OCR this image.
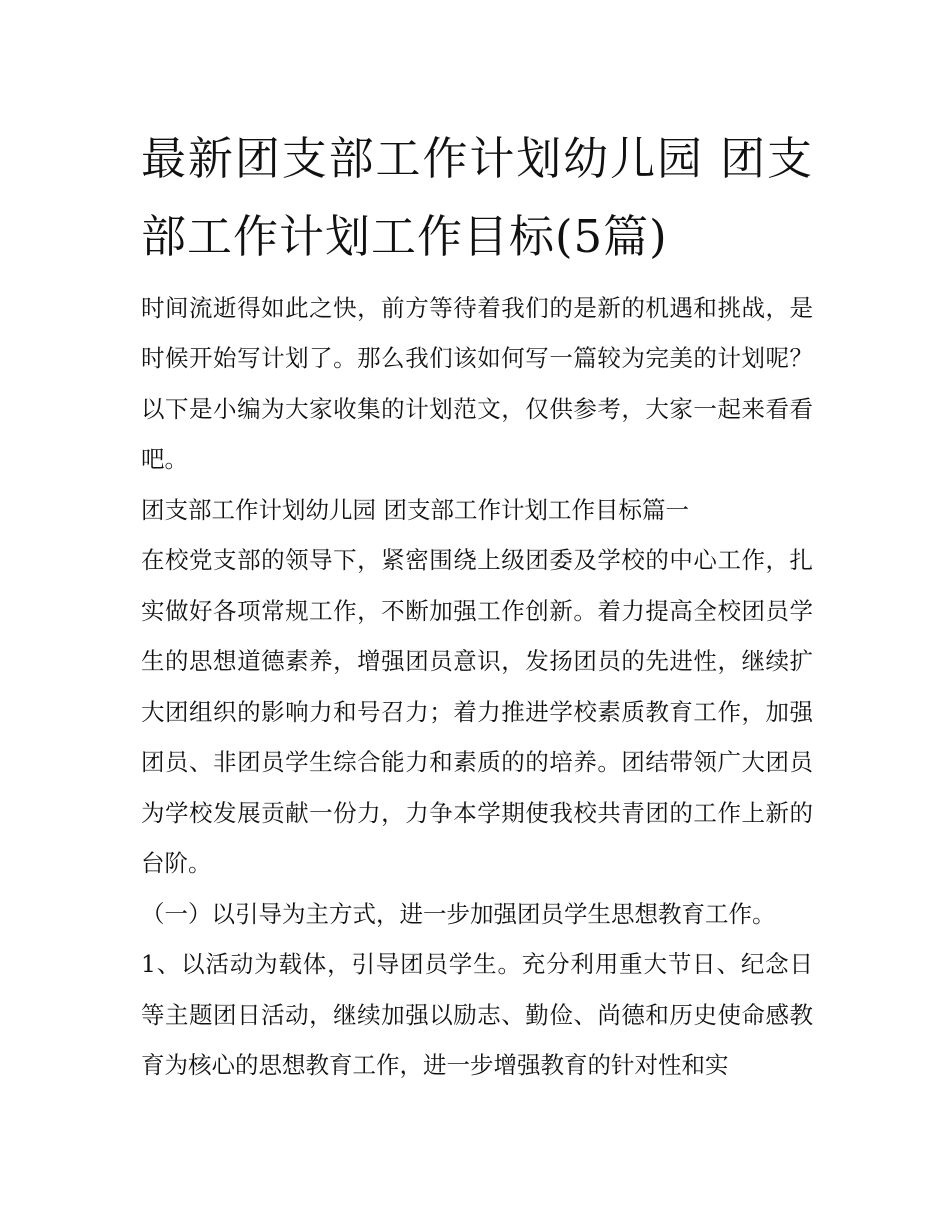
最新团支部工作计划幼儿园 团支部工作计划工作目标(5篇)

时间流逝得如此之快，前方等待着我们的是新的机遇和挑战，是时候开始写计划了。那么我们该如何写一篇较为完美的计划呢？以下是小编为大家收集的计划范文，仅供参考，大家一起来看看吧。

团支部工作计划幼儿园 团支部工作计划工作目标篇一

在校党支部的领导下，紧密围绕上级团委及学校的中心工作，扎实做好各项常规工作，不断加强工作创新。着力提高全校团员学生的思想道德素养，增强团员意识，发扬团员的先进性，继续扩大团组织的影响力和号召力；着力推进学校素质教育工作，加强团员、非团员学生综合能力和素质的的培养。团结带领广大团员为学校发展贡献一份力，力争本学期使我校共青团的工作上新的台阶。

（一）以引导为主方式，进一步加强团员学生思想教育工作。

1、以活动为载体，引导团员学生。充分利用重大节日、纪念日等主题团日活动，继续加强以励志、勤俭、尚德和历史使命感教育为核心的思想教育工作，进一步增强教育的针对性和实
